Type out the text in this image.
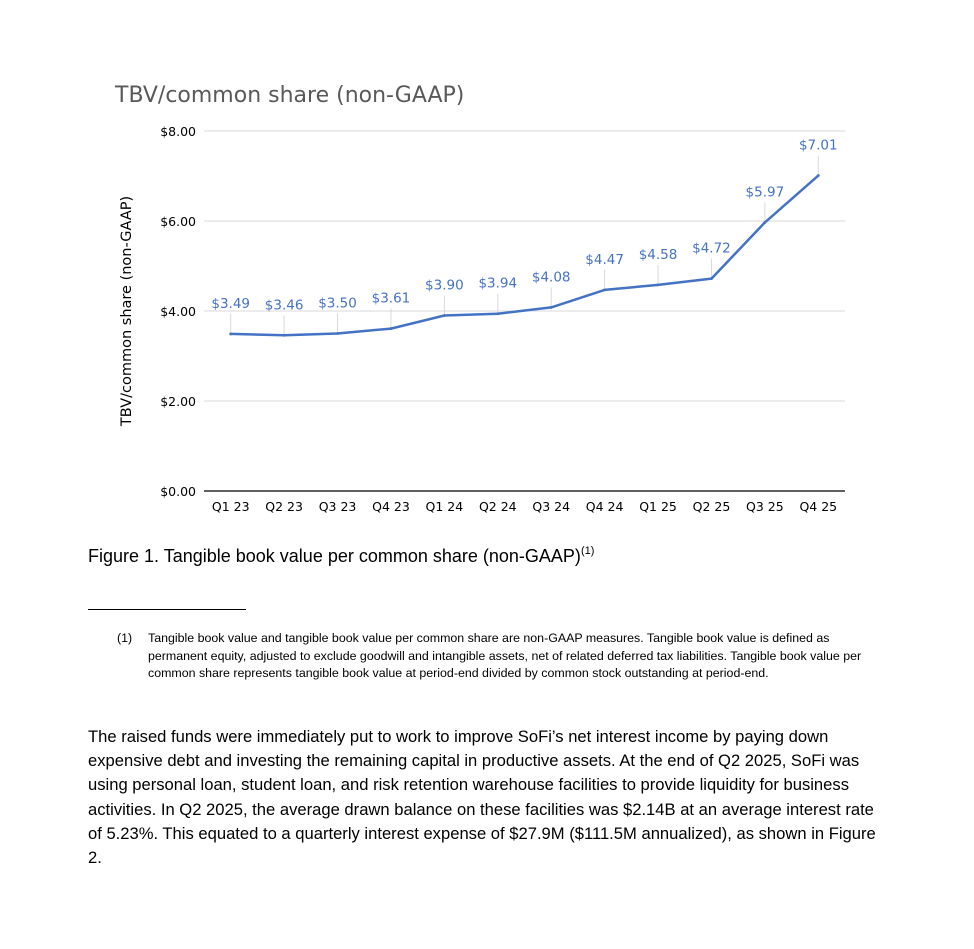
TBV/common share (non-GAAP)
TBV/common share (non-GAAP)
$0.00
$2.00
$4.00
$6.00
$8.00
Q1 23 Q2 23 Q3 23 Q4 23 Q1 24 Q2 24 Q3 24 Q4 24 Q1 25 Q2 25 Q3 25 Q4 25
$3.49 $3.46 $3.50 $3.61
$3.90 $3.94 $4.08
$4.47 $4.58 $4.72
$5.97
$7.01
Figure 1. Tangible book value per common share (non-GAAP)$^{(1)}$
(1) Tangible book value and tangible book value per common share are non-GAAP measures. Tangible book value is defined as permanent equity, adjusted to exclude goodwill and intangible assets, net of related deferred tax liabilities. Tangible book value per common share represents tangible book value at period-end divided by common stock outstanding at period-end.
The raised funds were immediately put to work to improve SoFi’s net interest income by paying down expensive debt and investing the remaining capital in productive assets. At the end of Q2 2025, SoFi was using personal loan, student loan, and risk retention warehouse facilities to provide liquidity for business activities. In Q2 2025, the average drawn balance on these facilities was $2.14B at an average interest rate of 5.23%. This equated to a quarterly interest expense of $27.9M ($111.5M annualized), as shown in Figure 2.
